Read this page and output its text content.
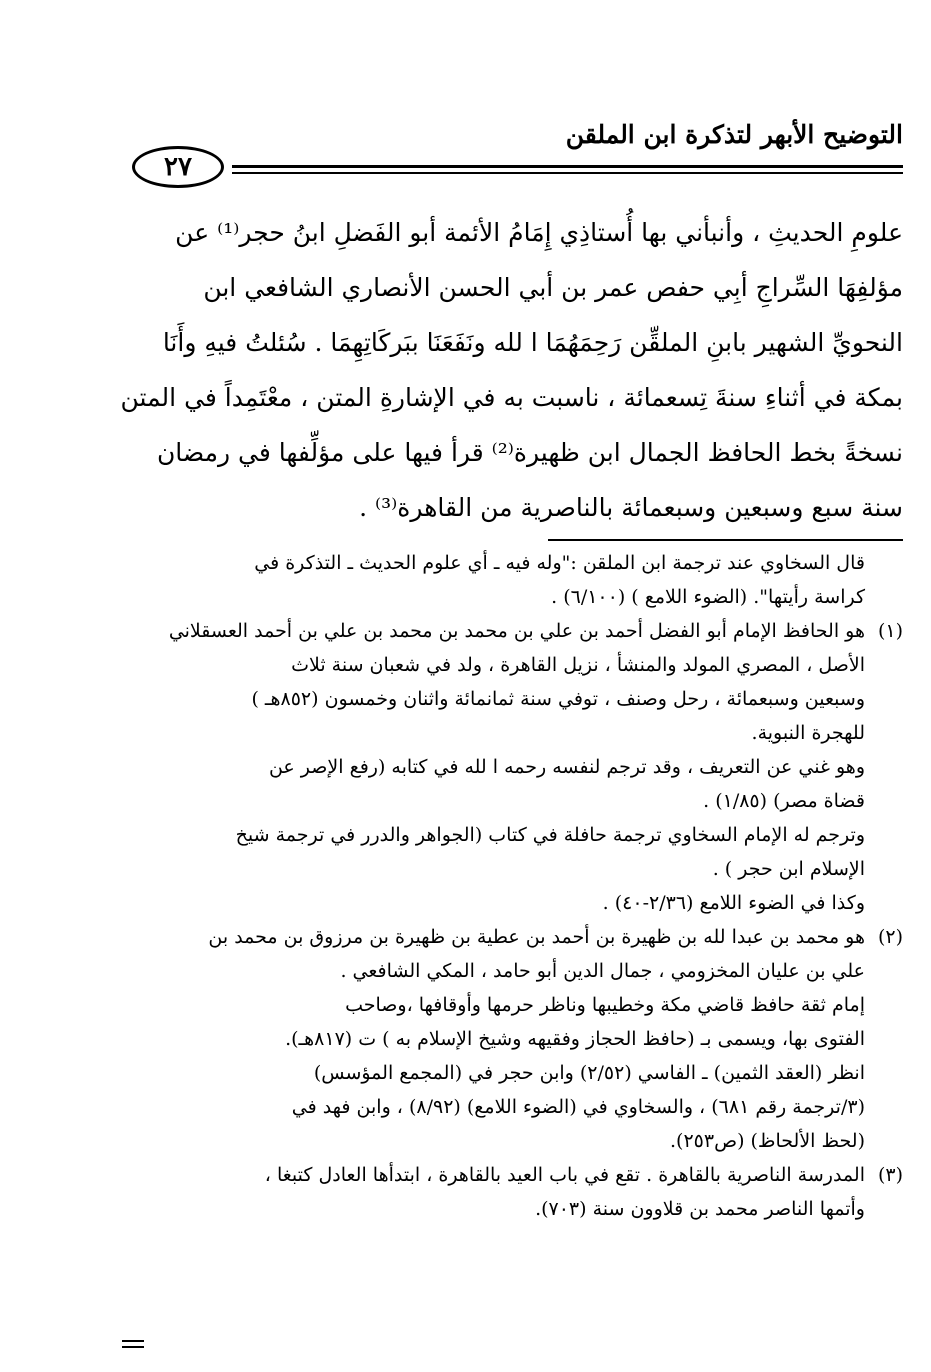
التوضيح الأبهر لتذكرة ابن الملقن
٢٧
علومِ الحديثِ ، وأنبأني بها أُستاذِي إِمَامُ الأئمة أبو الفَضلِ ابنُ حجر⁽¹⁾ عن
مؤلفِهَا السِّراجِ أبِي حفص عمر بن أبي الحسن الأنصاري الشافعي ابن
النحويِّ الشهير بابنِ الملقِّن رَحِمَهُمَا ا لله ونَفَعَنَا ببَركَاتِهِمَا . سُئلتُ فيهِ وأَنَا
بمكة في أثناءِ سنةَ تِسعمائة ، ناسبت به في الإشارةِ المتن ، معْتَمِداً في المتن
نسخةً بخط الحافظ الجمال ابن ظهيرة⁽²⁾ قرأ فيها على مؤلِّفها في رمضان
سنة سبع وسبعين وسبعمائة بالناصرية من القاهرة⁽³⁾ .
قال السخاوي عند ترجمة ابن الملقن :"وله فيه ـ أي علوم الحديث ـ التذكرة في
كراسة رأيتها". (الضوء اللامع ) (٦/١٠٠) .
(١)هو الحافظ الإمام أبو الفضل أحمد بن علي بن محمد بن محمد بن علي بن أحمد العسقلاني
الأصل ، المصري المولد والمنشأ ، نزيل القاهرة ، ولد في شعبان سنة ثلاث
وسبعين وسبعمائة ، رحل وصنف ، توفي سنة ثمانمائة واثنان وخمسون (٨٥٢هـ )
للهجرة النبوية.
وهو غني عن التعريف ، وقد ترجم لنفسه رحمه ا لله في كتابه (رفع الإصر عن
قضاة مصر) (١/٨٥) .
وترجم له الإمام السخاوي ترجمة حافلة في كتاب (الجواهر والدرر في ترجمة شيخ
الإسلام ابن حجر ) .
وكذا في الضوء اللامع (٢/٣٦-٤٠) .
(٢)هو محمد بن عبدا لله بن ظهيرة بن أحمد بن عطية بن ظهيرة بن مرزوق بن محمد بن
علي بن عليان المخزومي ، جمال الدين أبو حامد ، المكي الشافعي .
إمام ثقة حافظ قاضي مكة وخطيبها وناظر حرمها وأوقافها ،وصاحب
الفتوى بها، ويسمى بـ (حافظ الحجاز وفقيهه وشيخ الإسلام به ) ت (٨١٧هـ).
انظر (العقد الثمين) ـ الفاسي (٢/٥٢) وابن حجر في (المجمع المؤسس)
(٣/ترجمة رقم ٦٨١) ، والسخاوي في (الضوء اللامع) (٨/٩٢) ، وابن فهد في
(لحظ الألحاظ) (ص٢٥٣).
(٣)المدرسة الناصرية بالقاهرة . تقع في باب العيد بالقاهرة ، ابتدأها العادل كتبغا ،
وأتمها الناصر محمد بن قلاوون سنة (٧٠٣).
